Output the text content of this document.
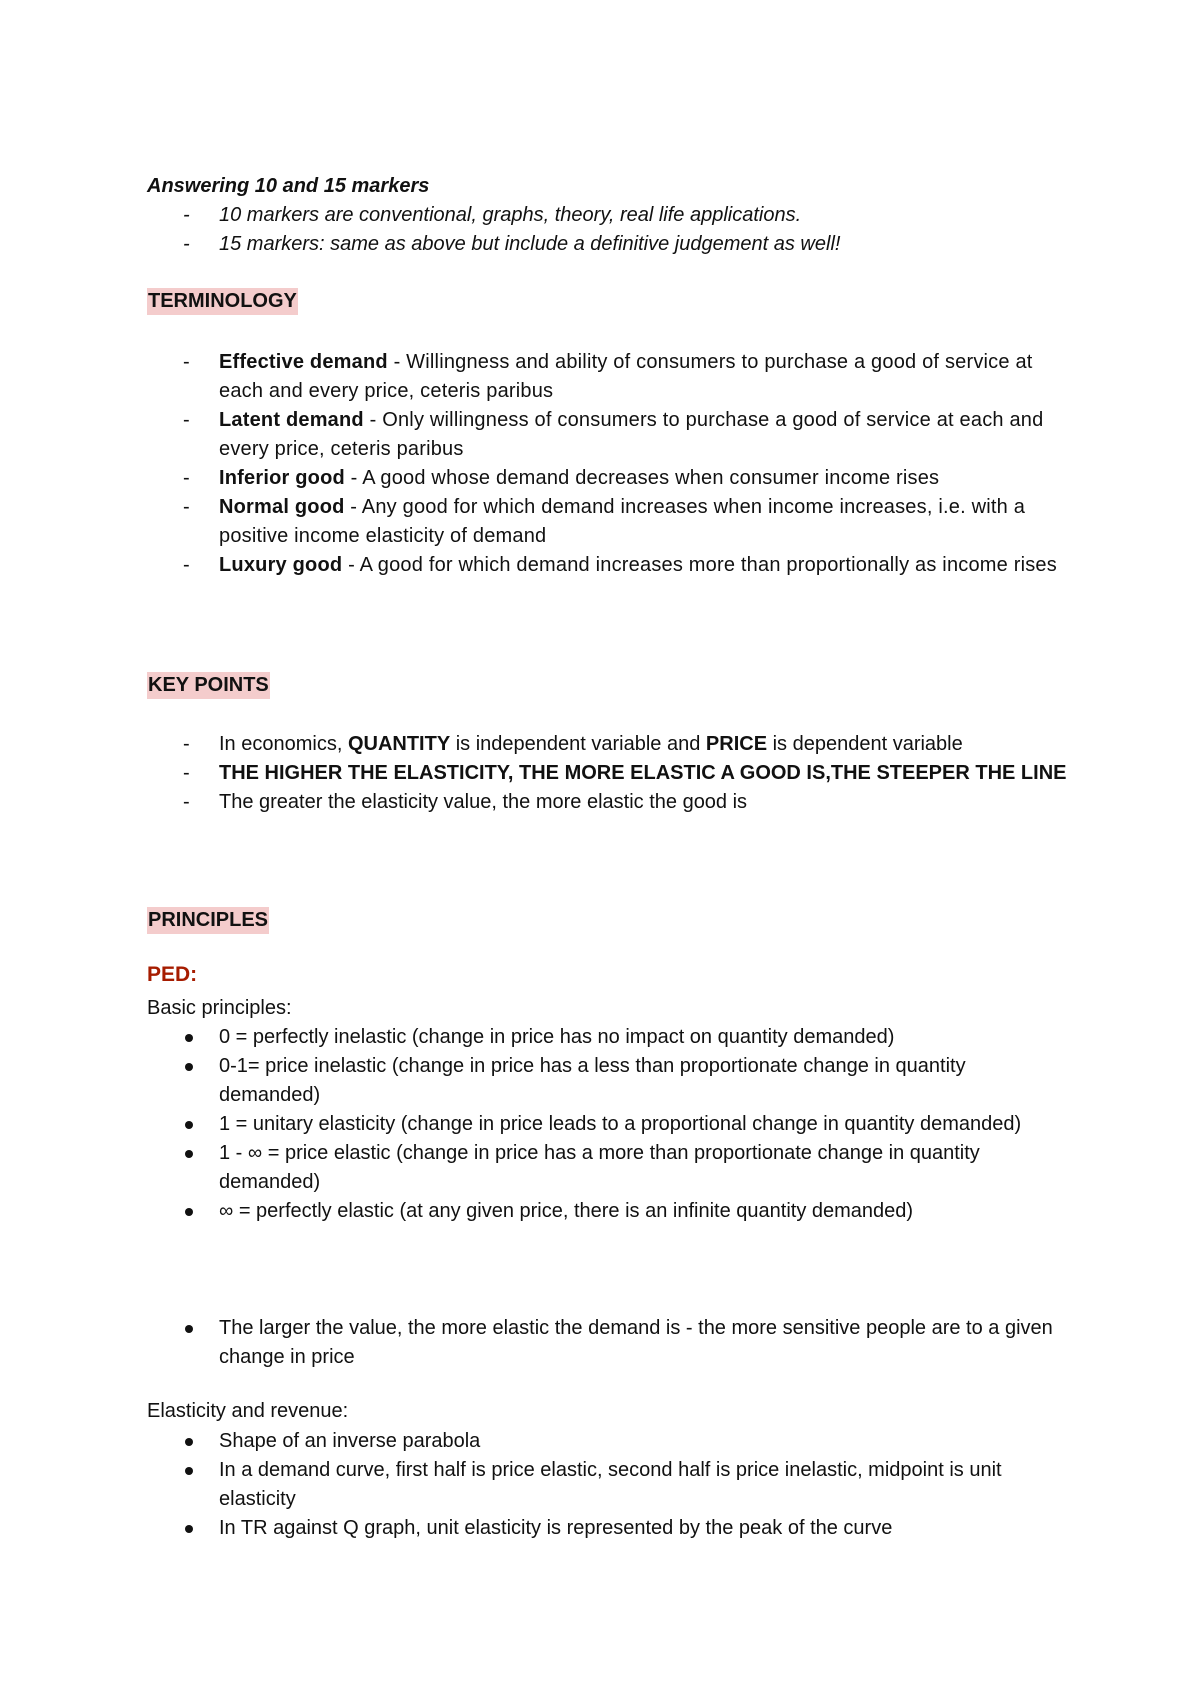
Answering 10 and 15 markers
- 10 markers are conventional, graphs, theory, real life applications.
- 15 markers: same as above but include a definitive judgement as well!
TERMINOLOGY
- Effective demand - Willingness and ability of consumers to purchase a good of service at each and every price, ceteris paribus
- Latent demand - Only willingness of consumers to purchase a good of service at each and every price, ceteris paribus
- Inferior good - A good whose demand decreases when consumer income rises
- Normal good - Any good for which demand increases when income increases, i.e. with a positive income elasticity of demand
- Luxury good - A good for which demand increases more than proportionally as income rises
KEY POINTS
- In economics, QUANTITY is independent variable and PRICE is dependent variable
- THE HIGHER THE ELASTICITY, THE MORE ELASTIC A GOOD IS,THE STEEPER THE LINE
- The greater the elasticity value, the more elastic the good is
PRINCIPLES
PED:
Basic principles:
0 = perfectly inelastic (change in price has no impact on quantity demanded)
0-1= price inelastic (change in price has a less than proportionate change in quantity demanded)
1 = unitary elasticity (change in price leads to a proportional change in quantity demanded)
1 - ∞ = price elastic (change in price has a more than proportionate change in quantity demanded)
∞ = perfectly elastic (at any given price, there is an infinite quantity demanded)
The larger the value, the more elastic the demand is - the more sensitive people are to a given change in price
Elasticity and revenue:
Shape of an inverse parabola
In a demand curve, first half is price elastic, second half is price inelastic, midpoint is unit elasticity
In TR against Q graph, unit elasticity is represented by the peak of the curve
